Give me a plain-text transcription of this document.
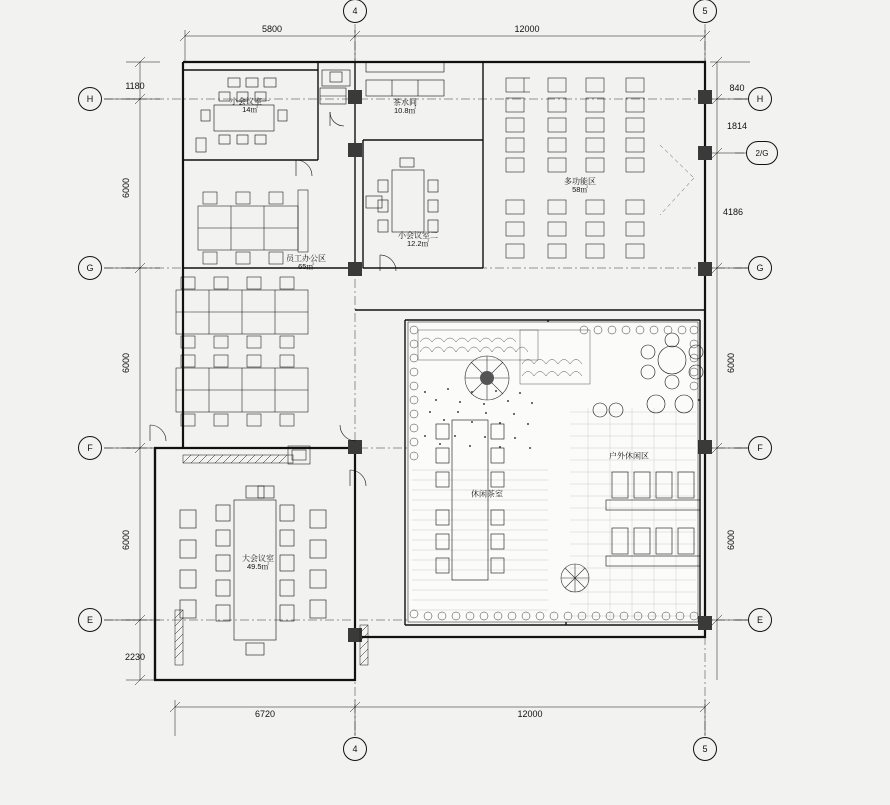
4	5
4	5
H
G
F
E
H
2/G
G
F
E
5800	12000
6720	12000
1180
6000
6000
6000
2230
840
1814
4186
6000
6000
小会议室一
14㎡
茶水间
10.8㎡
多功能区
58㎡
员工办公区
65㎡
小会议室二
12.2㎡
大会议室
49.5㎡
休闲茶室
户外休闲区
